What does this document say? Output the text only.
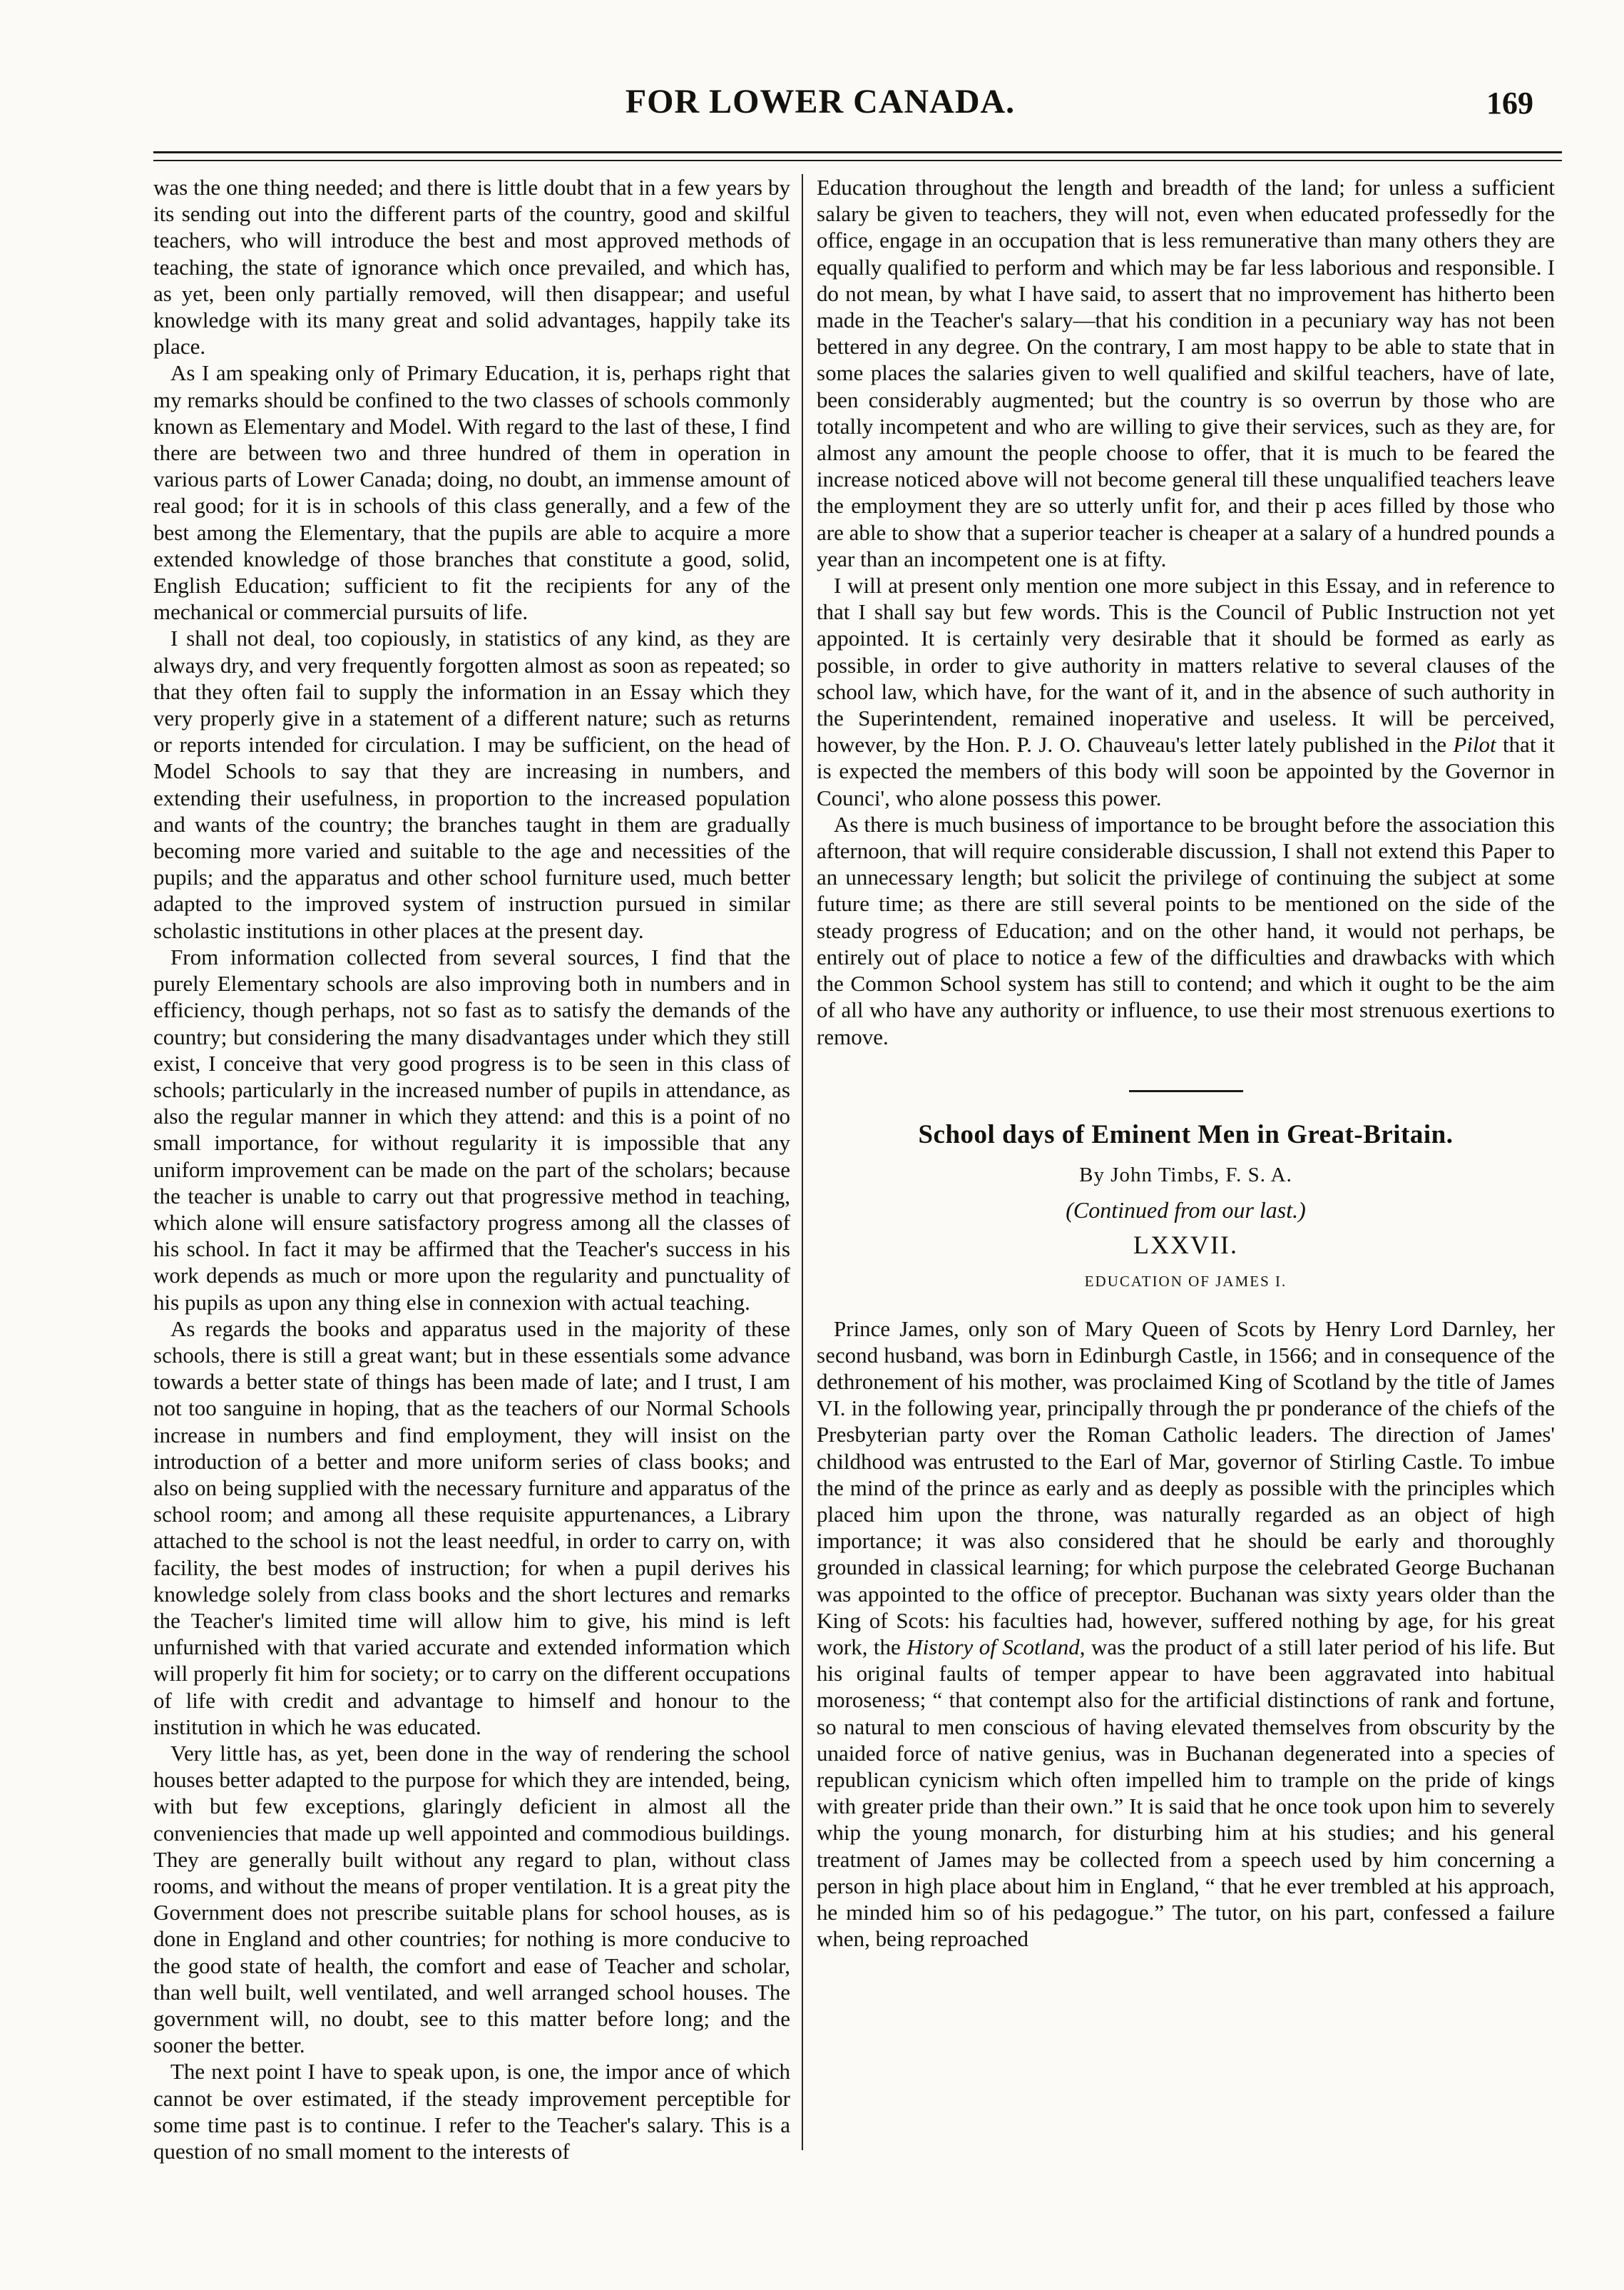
FOR LOWER CANADA.	169

was the one thing needed; and there is little doubt that in a few years by its sending out into the different parts of the country, good and skilful teachers, who will introduce the best and most approved methods of teaching, the state of ignorance which once prevailed, and which has, as yet, been only partially removed, will then disappear; and useful knowledge with its many great and solid advantages, happily take its place.

As I am speaking only of Primary Education, it is, perhaps right that my remarks should be confined to the two classes of schools commonly known as Elementary and Model. With regard to the last of these, I find there are between two and three hundred of them in operation in various parts of Lower Canada; doing, no doubt, an immense amount of real good; for it is in schools of this class generally, and a few of the best among the Elementary, that the pupils are able to acquire a more extended knowledge of those branches that constitute a good, solid, English Education; sufficient to fit the recipients for any of the mechanical or commercial pursuits of life.

I shall not deal, too copiously, in statistics of any kind, as they are always dry, and very frequently forgotten almost as soon as repeated; so that they often fail to supply the information in an Essay which they very properly give in a statement of a different nature; such as returns or reports intended for circulation. I may be sufficient, on the head of Model Schools to say that they are increasing in numbers, and extending their usefulness, in proportion to the increased population and wants of the country; the branches taught in them are gradually becoming more varied and suitable to the age and necessities of the pupils; and the apparatus and other school furniture used, much better adapted to the improved system of instruction pursued in similar scholastic institutions in other places at the present day.

From information collected from several sources, I find that the purely Elementary schools are also improving both in numbers and in efficiency, though perhaps, not so fast as to satisfy the demands of the country; but considering the many disadvantages under which they still exist, I conceive that very good progress is to be seen in this class of schools; particularly in the increased number of pupils in attendance, as also the regular manner in which they attend: and this is a point of no small importance, for without regularity it is impossible that any uniform improvement can be made on the part of the scholars; because the teacher is unable to carry out that progressive method in teaching, which alone will ensure satisfactory progress among all the classes of his school. In fact it may be affirmed that the Teacher's success in his work depends as much or more upon the regularity and punctuality of his pupils as upon any thing else in connexion with actual teaching.

As regards the books and apparatus used in the majority of these schools, there is still a great want; but in these essentials some advance towards a better state of things has been made of late; and I trust, I am not too sanguine in hoping, that as the teachers of our Normal Schools increase in numbers and find employment, they will insist on the introduction of a better and more uniform series of class books; and also on being supplied with the necessary furniture and apparatus of the school room; and among all these requisite appurtenances, a Library attached to the school is not the least needful, in order to carry on, with facility, the best modes of instruction; for when a pupil derives his knowledge solely from class books and the short lectures and remarks the Teacher's limited time will allow him to give, his mind is left unfurnished with that varied accurate and extended information which will properly fit him for society; or to carry on the different occupations of life with credit and advantage to himself and honour to the institution in which he was educated.

Very little has, as yet, been done in the way of rendering the school houses better adapted to the purpose for which they are intended, being, with but few exceptions, glaringly deficient in almost all the conveniencies that made up well appointed and commodious buildings. They are generally built without any regard to plan, without class rooms, and without the means of proper ventilation. It is a great pity the Government does not prescribe suitable plans for school houses, as is done in England and other countries; for nothing is more conducive to the good state of health, the comfort and ease of Teacher and scholar, than well built, well ventilated, and well arranged school houses. The government will, no doubt, see to this matter before long; and the sooner the better.

The next point I have to speak upon, is one, the impor ance of which cannot be over estimated, if the steady improvement perceptible for some time past is to continue. I refer to the Teacher's salary. This is a question of no small moment to the interests of

Education throughout the length and breadth of the land; for unless a sufficient salary be given to teachers, they will not, even when educated professedly for the office, engage in an occupation that is less remunerative than many others they are equally qualified to perform and which may be far less laborious and responsible. I do not mean, by what I have said, to assert that no improvement has hitherto been made in the Teacher's salary—that his condition in a pecuniary way has not been bettered in any degree. On the contrary, I am most happy to be able to state that in some places the salaries given to well qualified and skilful teachers, have of late, been considerably augmented; but the country is so overrun by those who are totally incompetent and who are willing to give their services, such as they are, for almost any amount the people choose to offer, that it is much to be feared the increase noticed above will not become general till these unqualified teachers leave the employment they are so utterly unfit for, and their p aces filled by those who are able to show that a superior teacher is cheaper at a salary of a hundred pounds a year than an incompetent one is at fifty.

I will at present only mention one more subject in this Essay, and in reference to that I shall say but few words. This is the Council of Public Instruction not yet appointed. It is certainly very desirable that it should be formed as early as possible, in order to give authority in matters relative to several clauses of the school law, which have, for the want of it, and in the absence of such authority in the Superintendent, remained inoperative and useless. It will be perceived, however, by the Hon. P. J. O. Chauveau's letter lately published in the Pilot that it is expected the members of this body will soon be appointed by the Governor in Counci', who alone possess this power.

As there is much business of importance to be brought before the association this afternoon, that will require considerable discussion, I shall not extend this Paper to an unnecessary length; but solicit the privilege of continuing the subject at some future time; as there are still several points to be mentioned on the side of the steady progress of Education; and on the other hand, it would not perhaps, be entirely out of place to notice a few of the difficulties and drawbacks with which the Common School system has still to contend; and which it ought to be the aim of all who have any authority or influence, to use their most strenuous exertions to remove.

School days of Eminent Men in Great-Britain.
By John Timbs, F. S. A.
(Continued from our last.)
LXXVII.
EDUCATION OF JAMES I.

Prince James, only son of Mary Queen of Scots by Henry Lord Darnley, her second husband, was born in Edinburgh Castle, in 1566; and in consequence of the dethronement of his mother, was proclaimed King of Scotland by the title of James VI. in the following year, principally through the pr ponderance of the chiefs of the Presbyterian party over the Roman Catholic leaders. The direction of James' childhood was entrusted to the Earl of Mar, governor of Stirling Castle. To imbue the mind of the prince as early and as deeply as possible with the principles which placed him upon the throne, was naturally regarded as an object of high importance; it was also considered that he should be early and thoroughly grounded in classical learning; for which purpose the celebrated George Buchanan was appointed to the office of preceptor. Buchanan was sixty years older than the King of Scots: his faculties had, however, suffered nothing by age, for his great work, the History of Scotland, was the product of a still later period of his life. But his original faults of temper appear to have been aggravated into habitual moroseness; “ that contempt also for the artificial distinctions of rank and fortune, so natural to men conscious of having elevated themselves from obscurity by the unaided force of native genius, was in Buchanan degenerated into a species of republican cynicism which often impelled him to trample on the pride of kings with greater pride than their own.” It is said that he once took upon him to severely whip the young monarch, for disturbing him at his studies; and his general treatment of James may be collected from a speech used by him concerning a person in high place about him in England, “ that he ever trembled at his approach, he minded him so of his pedagogue.” The tutor, on his part, confessed a failure when, being reproached
